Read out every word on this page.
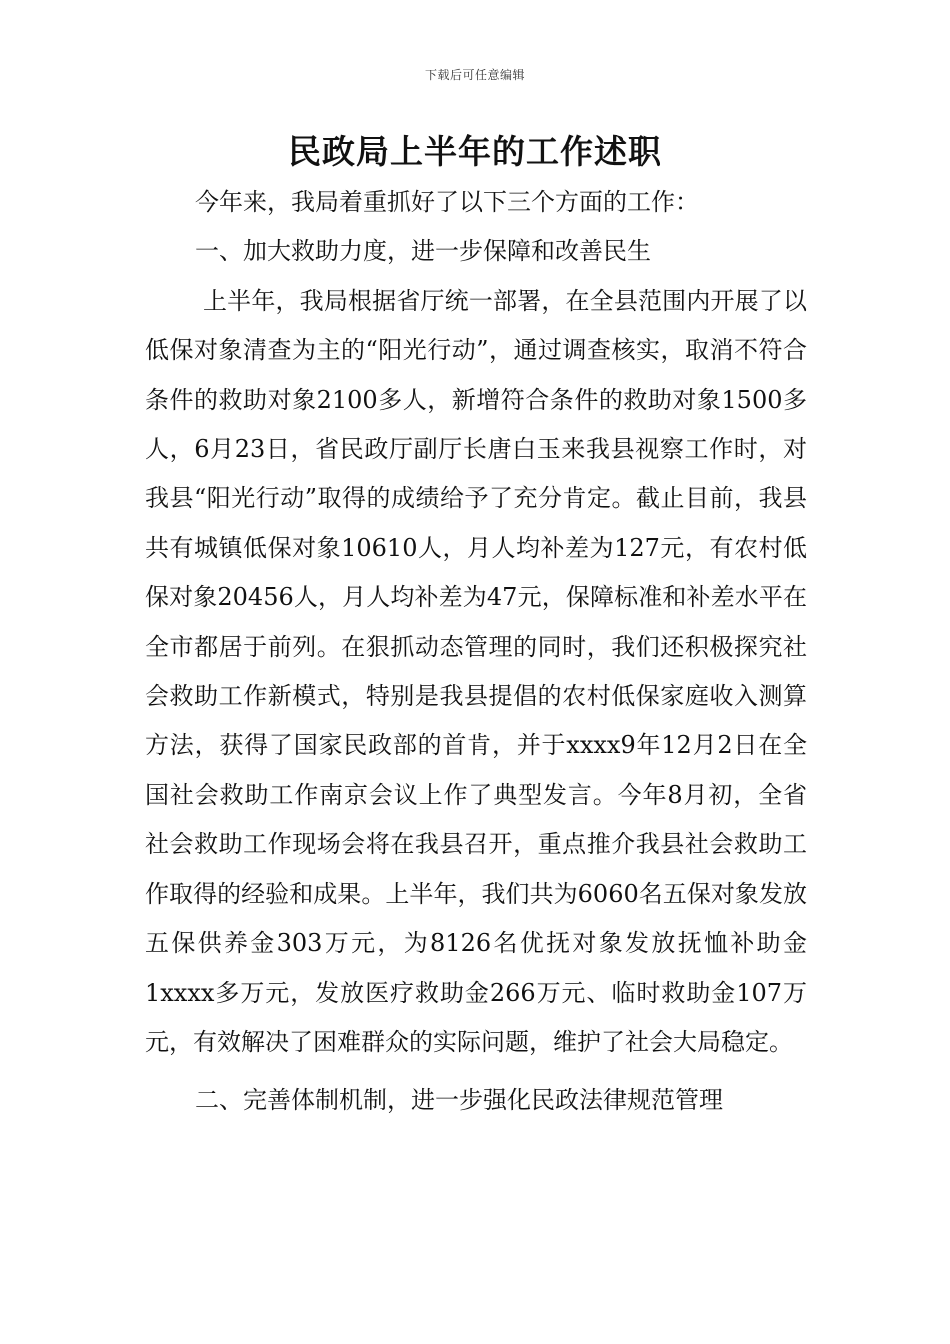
下载后可任意编辑
民政局上半年的工作述职

今年来，我局着重抓好了以下三个方面的工作：

一、加大救助力度，进一步保障和改善民生

上半年，我局根据省厅统一部署，在全县范围内开展了以低保对象清查为主的“阳光行动”，通过调查核实，取消不符合条件的救助对象2100多人，新增符合条件的救助对象1500多人，6月23日，省民政厅副厅长唐白玉来我县视察工作时，对我县“阳光行动”取得的成绩给予了充分肯定。截止目前，我县共有城镇低保对象10610人，月人均补差为127元，有农村低保对象20456人，月人均补差为47元，保障标准和补差水平在全市都居于前列。在狠抓动态管理的同时，我们还积极探究社会救助工作新模式，特别是我县提倡的农村低保家庭收入测算方法，获得了国家民政部的首肯，并于xxxx9年12月2日在全国社会救助工作南京会议上作了典型发言。今年8月初，全省社会救助工作现场会将在我县召开，重点推介我县社会救助工作取得的经验和成果。上半年，我们共为6060名五保对象发放五保供养金303万元，为8126名优抚对象发放抚恤补助金1xxxx多万元，发放医疗救助金266万元、临时救助金107万元，有效解决了困难群众的实际问题，维护了社会大局稳定。

二、完善体制机制，进一步强化民政法律规范管理
